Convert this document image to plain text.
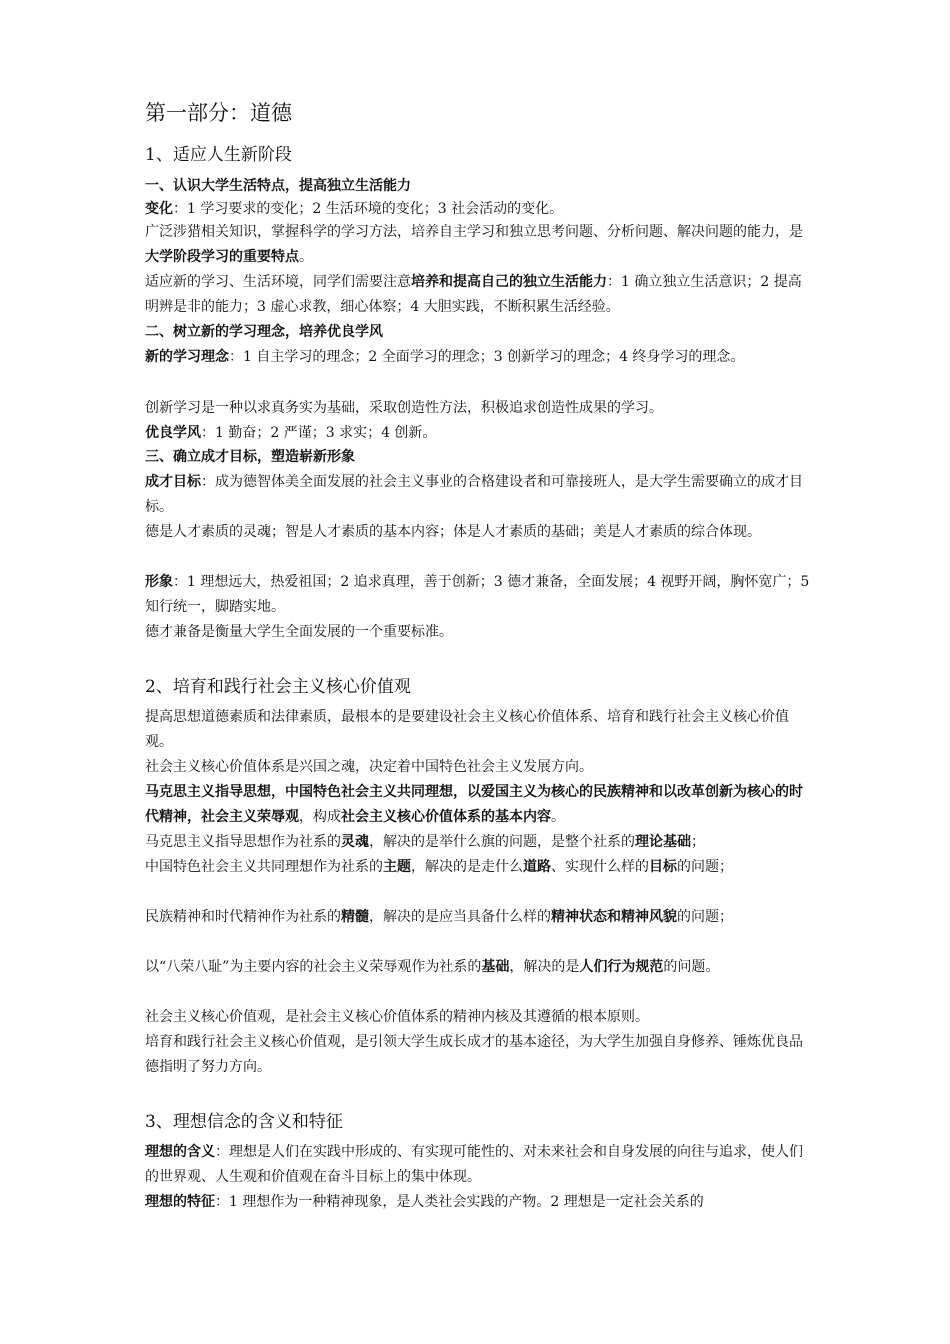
第一部分：道德
1、适应人生新阶段
一、认识大学生活特点，提高独立生活能力
变化：1 学习要求的变化；2 生活环境的变化；3 社会活动的变化。
广泛涉猎相关知识，掌握科学的学习方法，培养自主学习和独立思考问题、分析问题、解决问题的能力，是大学阶段学习的重要特点。
适应新的学习、生活环境，同学们需要注意培养和提高自己的独立生活能力：1 确立独立生活意识；2 提高明辨是非的能力；3 虚心求教，细心体察；4 大胆实践，不断积累生活经验。
二、树立新的学习理念，培养优良学风
新的学习理念：1 自主学习的理念；2 全面学习的理念；3 创新学习的理念；4 终身学习的理念。
创新学习是一种以求真务实为基础，采取创造性方法，积极追求创造性成果的学习。
优良学风：1 勤奋；2 严谨；3 求实；4 创新。
三、确立成才目标，塑造崭新形象
成才目标：成为德智体美全面发展的社会主义事业的合格建设者和可靠接班人，是大学生需要确立的成才目标。
德是人才素质的灵魂；智是人才素质的基本内容；体是人才素质的基础；美是人才素质的综合体现。
形象：1 理想远大，热爱祖国；2 追求真理，善于创新；3 德才兼备，全面发展；4 视野开阔，胸怀宽广；5 知行统一，脚踏实地。
德才兼备是衡量大学生全面发展的一个重要标准。
2、培育和践行社会主义核心价值观
提高思想道德素质和法律素质，最根本的是要建设社会主义核心价值体系、培育和践行社会主义核心价值观。
社会主义核心价值体系是兴国之魂，决定着中国特色社会主义发展方向。
马克思主义指导思想，中国特色社会主义共同理想，以爱国主义为核心的民族精神和以改革创新为核心的时代精神，社会主义荣辱观，构成社会主义核心价值体系的基本内容。
马克思主义指导思想作为社系的灵魂，解决的是举什么旗的问题，是整个社系的理论基础；
中国特色社会主义共同理想作为社系的主题，解决的是走什么道路、实现什么样的目标的问题；
民族精神和时代精神作为社系的精髓，解决的是应当具备什么样的精神状态和精神风貌的问题；
以“八荣八耻”为主要内容的社会主义荣辱观作为社系的基础，解决的是人们行为规范的问题。
社会主义核心价值观，是社会主义核心价值体系的精神内核及其遵循的根本原则。
培育和践行社会主义核心价值观，是引领大学生成长成才的基本途径，为大学生加强自身修养、锤炼优良品德指明了努力方向。
3、理想信念的含义和特征
理想的含义：理想是人们在实践中形成的、有实现可能性的、对未来社会和自身发展的向往与追求，使人们的世界观、人生观和价值观在奋斗目标上的集中体现。
理想的特征：1 理想作为一种精神现象，是人类社会实践的产物。2 理想是一定社会关系的
